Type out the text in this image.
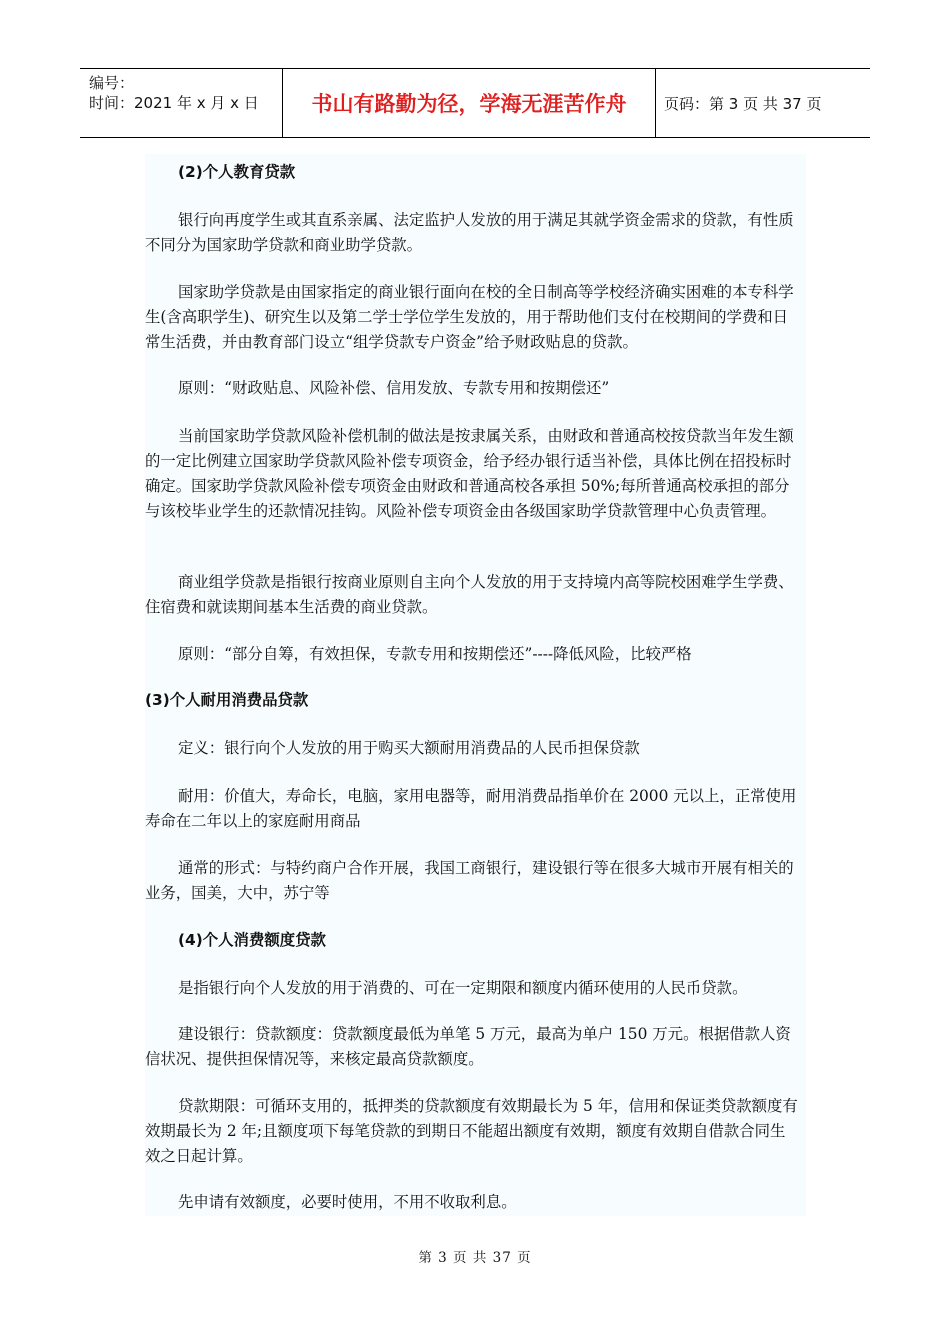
编号：
时间：2021 年 x 月 x 日	书山有路勤为径，学海无涯苦作舟	页码：第 3 页 共 37 页

(2)个人教育贷款

银行向再度学生或其直系亲属、法定监护人发放的用于满足其就学资金需求的贷款，有性质不同分为国家助学贷款和商业助学贷款。

国家助学贷款是由国家指定的商业银行面向在校的全日制高等学校经济确实困难的本专科学生(含高职学生)、研究生以及第二学士学位学生发放的，用于帮助他们支付在校期间的学费和日常生活费，并由教育部门设立“组学贷款专户资金”给予财政贴息的贷款。

原则：“财政贴息、风险补偿、信用发放、专款专用和按期偿还”

当前国家助学贷款风险补偿机制的做法是按隶属关系，由财政和普通高校按贷款当年发生额的一定比例建立国家助学贷款风险补偿专项资金，给予经办银行适当补偿，具体比例在招投标时确定。国家助学贷款风险补偿专项资金由财政和普通高校各承担 50%;每所普通高校承担的部分与该校毕业学生的还款情况挂钩。风险补偿专项资金由各级国家助学贷款管理中心负责管理。

商业组学贷款是指银行按商业原则自主向个人发放的用于支持境内高等院校困难学生学费、住宿费和就读期间基本生活费的商业贷款。

原则：“部分自筹，有效担保，专款专用和按期偿还”----降低风险，比较严格

(3)个人耐用消费品贷款

定义：银行向个人发放的用于购买大额耐用消费品的人民币担保贷款

耐用：价值大，寿命长，电脑，家用电器等，耐用消费品指单价在 2000 元以上，正常使用寿命在二年以上的家庭耐用商品

通常的形式：与特约商户合作开展，我国工商银行，建设银行等在很多大城市开展有相关的业务，国美，大中，苏宁等

(4)个人消费额度贷款

是指银行向个人发放的用于消费的、可在一定期限和额度内循环使用的人民币贷款。

建设银行：贷款额度：贷款额度最低为单笔 5 万元，最高为单户 150 万元。根据借款人资信状况、提供担保情况等，来核定最高贷款额度。

贷款期限：可循环支用的，抵押类的贷款额度有效期最长为 5 年，信用和保证类贷款额度有效期最长为 2 年;且额度项下每笔贷款的到期日不能超出额度有效期，额度有效期自借款合同生效之日起计算。

先申请有效额度，必要时使用，不用不收取利息。

第 3 页 共 37 页
